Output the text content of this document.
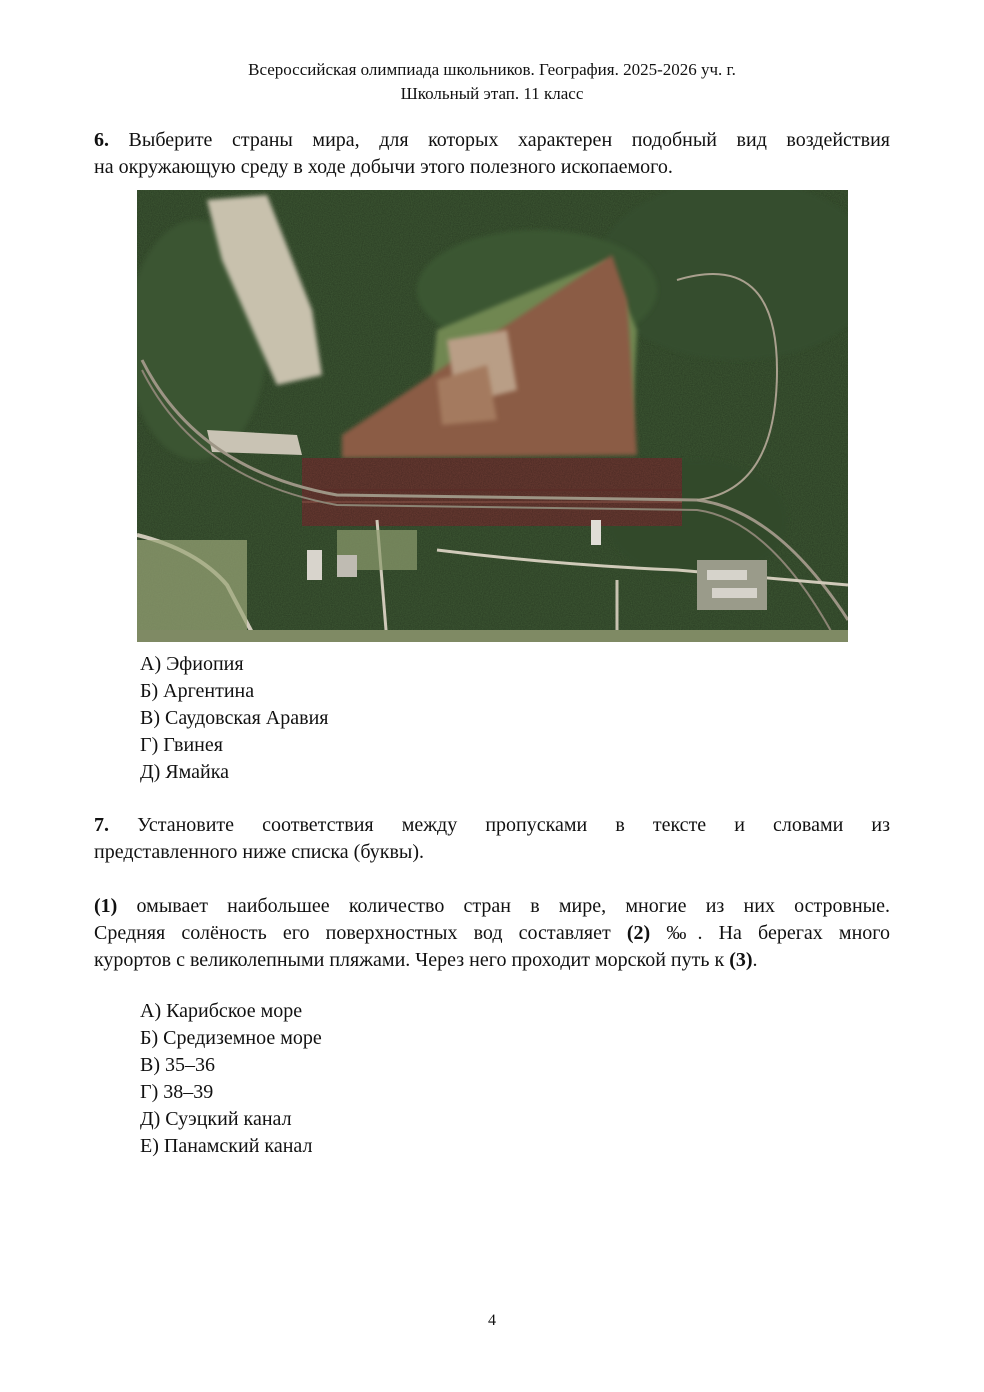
Всероссийская олимпиада школьников. География. 2025-2026 уч. г.
Школьный этап. 11 класс
6. Выберите страны мира, для которых характерен подобный вид воздействия
на окружающую среду в ходе добычи этого полезного ископаемого.
А) Эфиопия
Б) Аргентина
В) Саудовская Аравия
Г) Гвинея
Д) Ямайка
7. Установите соответствия между пропусками в тексте и словами из
представленного ниже списка (буквы).
(1) омывает наибольшее количество стран в мире, многие из них островные.
Средняя солёность его поверхностных вод составляет (2) ‰. На берегах много
курортов с великолепными пляжами. Через него проходит морской путь к (3).
А) Карибское море
Б) Средиземное море
В) 35–36
Г) 38–39
Д) Суэцкий канал
Е) Панамский канал
4
